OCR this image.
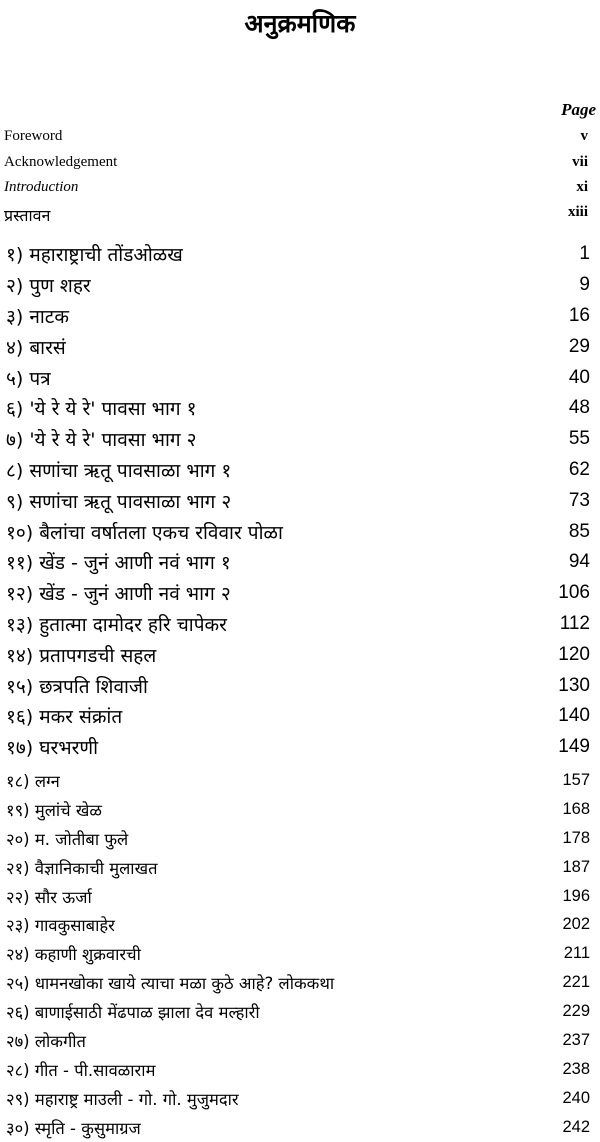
अनुक्रमणिक
Page
Foreword	v
Acknowledgement	vii
Introduction	xi
प्रस्तावन	xiii
१) महाराष्ट्राची तोंडओळख	1
२) पुण शहर	9
३) नाटक	16
४) बारसं	29
५) पत्र	40
६) 'ये रे ये रे' पावसा भाग १	48
७) 'ये रे ये रे' पावसा भाग २	55
८) सणांचा ऋतू पावसाळा भाग १	62
९) सणांचा ऋतू पावसाळा भाग २	73
१०) बैलांचा वर्षातला एकच रविवार पोळा	85
११) खेंड - जुनं आणी नवं भाग १	94
१२) खेंड - जुनं आणी नवं भाग २	106
१३) हुतात्मा दामोदर हरि चापेकर	112
१४) प्रतापगडची सहल	120
१५) छत्रपति शिवाजी	130
१६) मकर संक्रांत	140
१७) घरभरणी	149
१८) लग्न	157
१९) मुलांचे खेळ	168
२०) म. जोतीबा फुले	178
२१) वैज्ञानिकाची मुलाखत	187
२२) सौर ऊर्जा	196
२३) गावकुसाबाहेर	202
२४) कहाणी शुक्रवारची	211
२५) धामनखोका खाये त्याचा मळा कुठे आहे? लोककथा	221
२६) बाणाईसाठी मेंढपाळ झाला देव मल्हारी	229
२७) लोकगीत	237
२८) गीत - पी.सावळाराम	238
२९) महाराष्ट्र माउली - गो. गो. मुजुमदार	240
३०) स्मृति - कुसुमाग्रज	242
